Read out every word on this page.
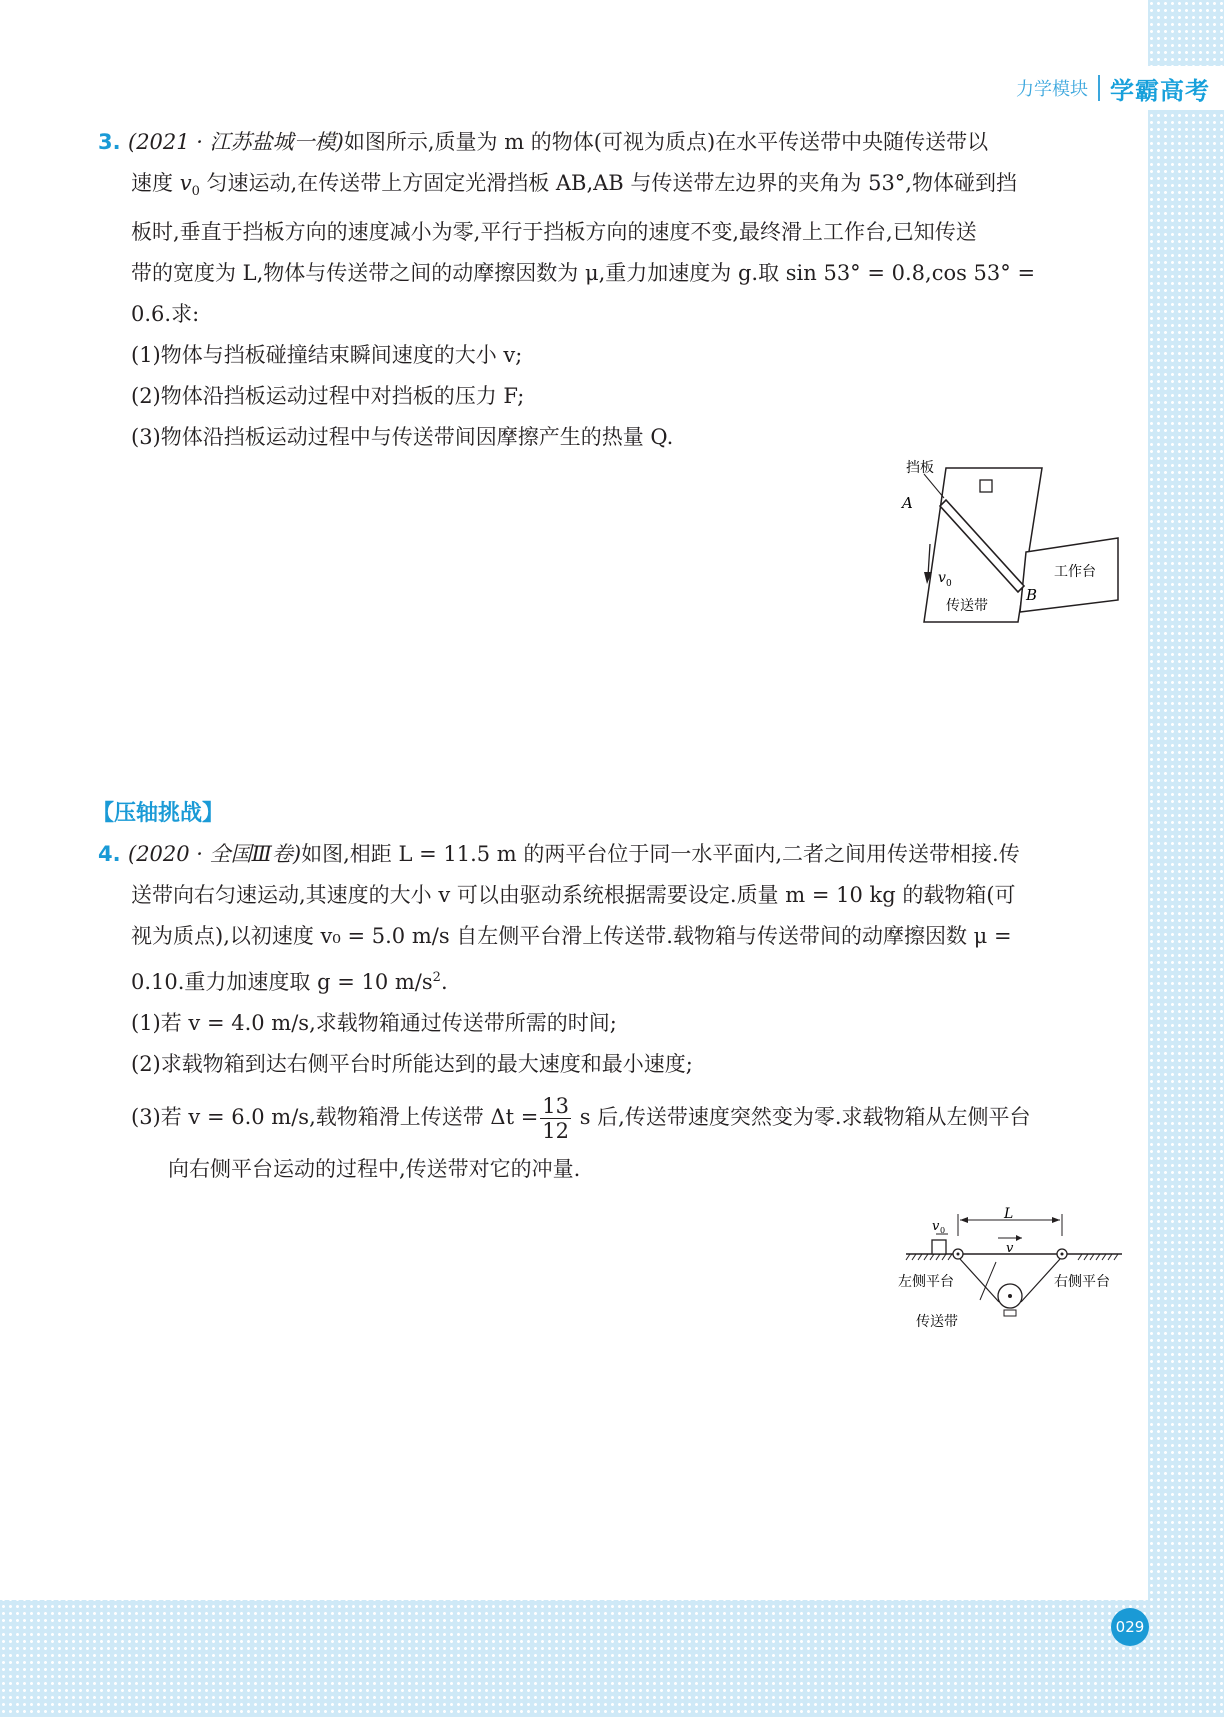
力学模块 学霸高考
3. (2021 · 江苏盐城一模)如图所示,质量为 m 的物体(可视为质点)在水平传送带中央随传送带以
速度 $v_0$ 匀速运动,在传送带上方固定光滑挡板 AB,AB 与传送带左边界的夹角为 53°,物体碰到挡
板时,垂直于挡板方向的速度减小为零,平行于挡板方向的速度不变,最终滑上工作台,已知传送
带的宽度为 L,物体与传送带之间的动摩擦因数为 μ,重力加速度为 g.取 sin 53° = 0.8,cos 53° =
0.6.求:
(1)物体与挡板碰撞结束瞬间速度的大小 v;
(2)物体沿挡板运动过程中对挡板的压力 F;
(3)物体沿挡板运动过程中与传送带间因摩擦产生的热量 Q.
挡板
A
B
工作台
v 0
传送带
【压轴挑战】
4. (2020 · 全国Ⅲ卷)如图,相距 L = 11.5 m 的两平台位于同一水平面内,二者之间用传送带相接.传
送带向右匀速运动,其速度的大小 v 可以由驱动系统根据需要设定.质量 m = 10 kg 的载物箱(可
视为质点),以初速度 v₀ = 5.0 m/s 自左侧平台滑上传送带.载物箱与传送带间的动摩擦因数 μ =
0.10.重力加速度取 g = 10 $m/s^2$.
(1)若 v = 4.0 m/s,求载物箱通过传送带所需的时间;
(2)求载物箱到达右侧平台时所能达到的最大速度和最小速度;
(3)若 v = 6.0 m/s,载物箱滑上传送带 $\Delta t = \frac{13}{12}$ s 后,传送带速度突然变为零.求载物箱从左侧平台
向右侧平台运动的过程中,传送带对它的冲量.
v 0
L
v
左侧平台	右侧平台
传送带
029
